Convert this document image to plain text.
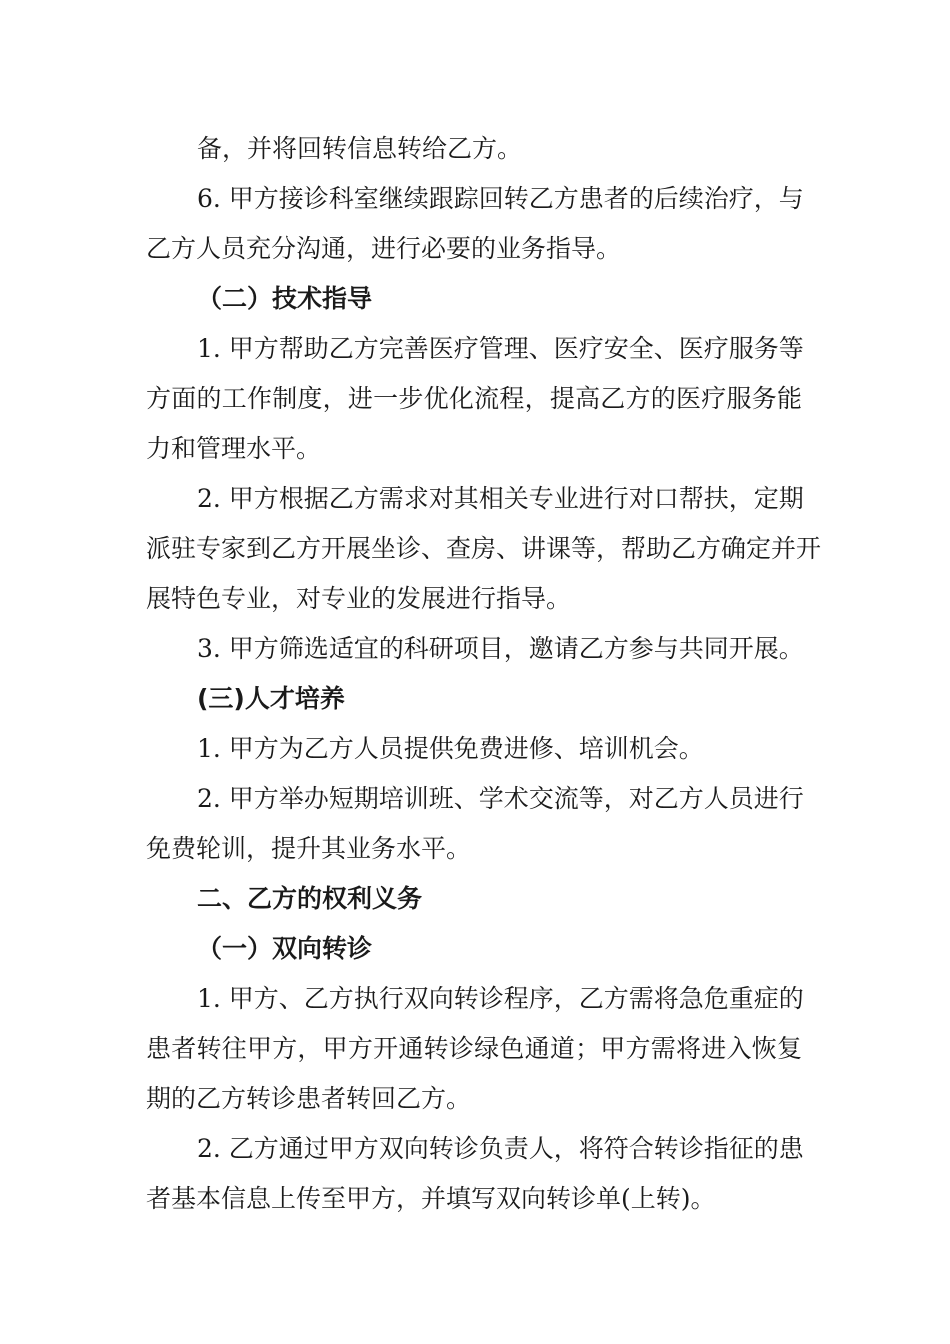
备，并将回转信息转给乙方。
6. 甲方接诊科室继续跟踪回转乙方患者的后续治疗，与
乙方人员充分沟通，进行必要的业务指导。
（二）技术指导
1. 甲方帮助乙方完善医疗管理、医疗安全、医疗服务等
方面的工作制度，进一步优化流程，提高乙方的医疗服务能
力和管理水平。
2. 甲方根据乙方需求对其相关专业进行对口帮扶，定期
派驻专家到乙方开展坐诊、查房、讲课等，帮助乙方确定并开
展特色专业，对专业的发展进行指导。
3. 甲方筛选适宜的科研项目，邀请乙方参与共同开展。
(三)人才培养
1. 甲方为乙方人员提供免费进修、培训机会。
2. 甲方举办短期培训班、学术交流等，对乙方人员进行
免费轮训，提升其业务水平。
二、乙方的权利义务
（一）双向转诊
1. 甲方、乙方执行双向转诊程序，乙方需将急危重症的
患者转往甲方，甲方开通转诊绿色通道；甲方需将进入恢复
期的乙方转诊患者转回乙方。
2. 乙方通过甲方双向转诊负责人，将符合转诊指征的患
者基本信息上传至甲方，并填写双向转诊单(上转)。
